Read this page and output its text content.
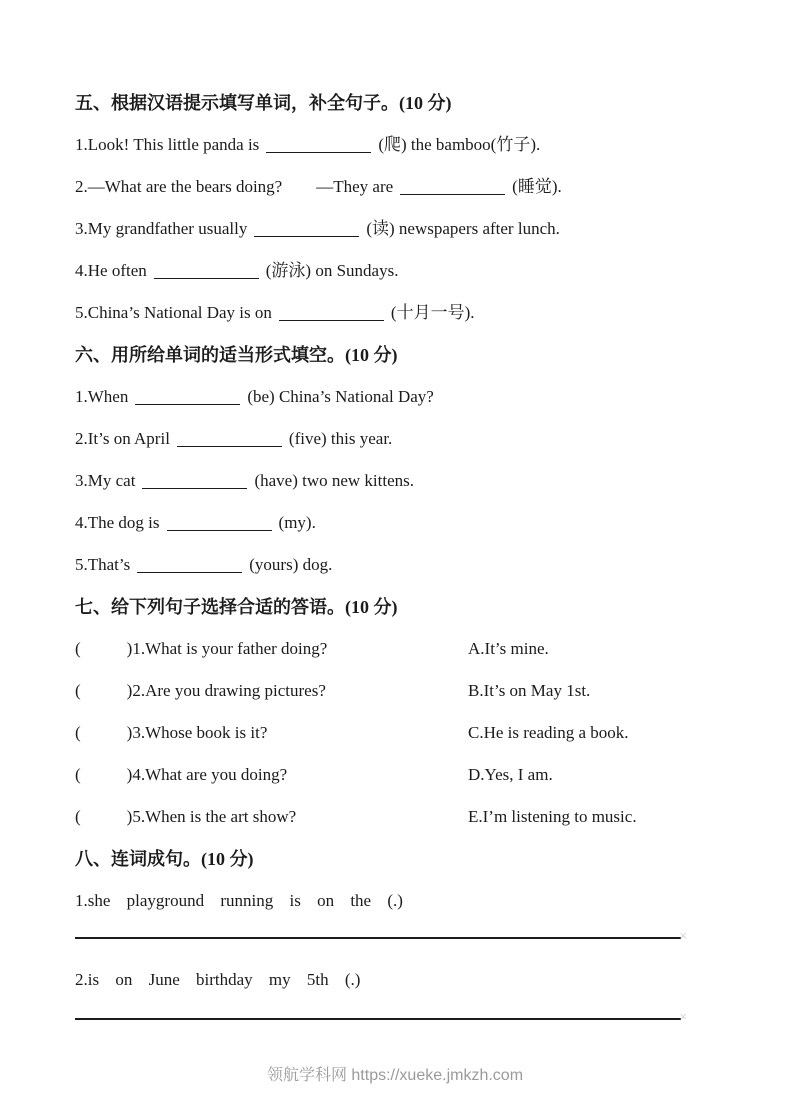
五、根据汉语提示填写单词，补全句子。(10 分)
1.Look! This little panda is	(爬) the bamboo(竹子).
2.—What are the bears doing? —They are	(睡觉).
3.My grandfather usually	(读) newspapers after lunch.
4.He often	(游泳) on Sundays.
5.China’s National Day is on	(十月一号).
六、用所给单词的适当形式填空。(10 分)
1.When	(be) China’s National Day?
2.It’s on April	(five) this year.
3.My cat	(have) two new kittens.
4.The dog is	(my).
5.That’s	(yours) dog.
七、给下列句子选择合适的答语。(10 分)
(	)1.What is your father doing?	A.It’s mine.
(	)2.Are you drawing pictures?	B.It’s on May 1st.
(	)3.Whose book is it?	C.He is reading a book.
(	)4.What are you doing?	D.Yes, I am.
(	)5.When is the art show?	E.I’m listening to music.
八、连词成句。(10 分)
1.she playground running is on the (.)
×
2.is on June birthday my 5th (.)
×
领航学科网 https://xueke.jmkzh.com
